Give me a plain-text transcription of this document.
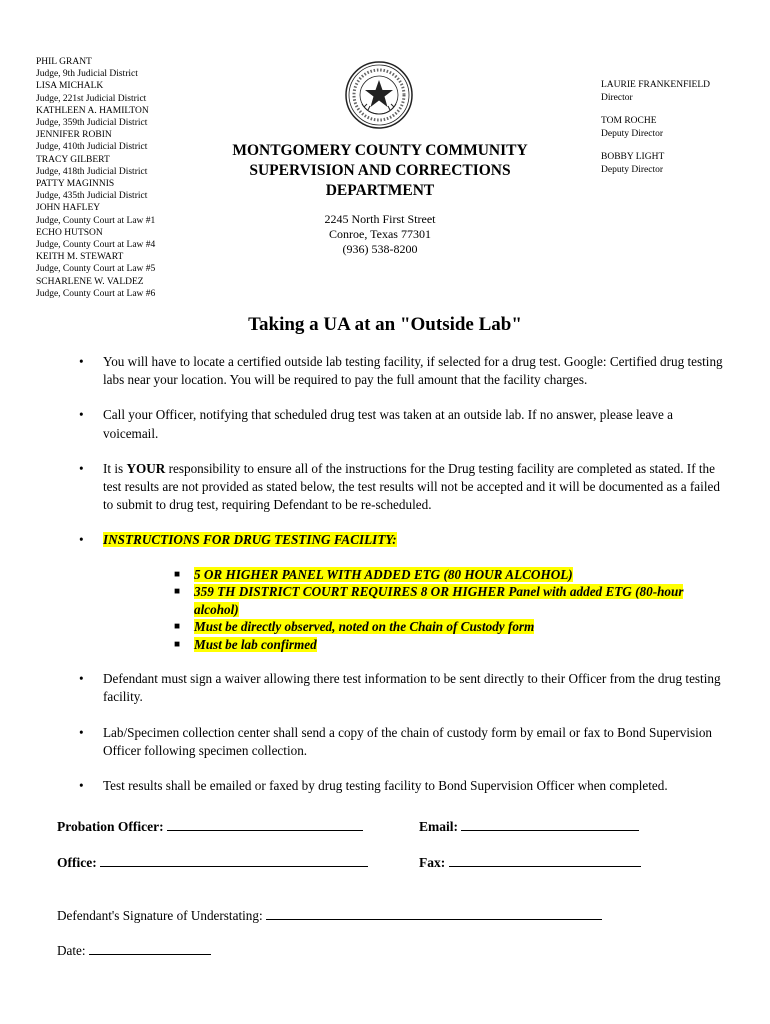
PHIL GRANT
Judge, 9th Judicial District
LISA MICHALK
Judge, 221st Judicial District
KATHLEEN A. HAMILTON
Judge, 359th Judicial District
JENNIFER ROBIN
Judge, 410th Judicial District
TRACY GILBERT
Judge, 418th Judicial District
PATTY MAGINNIS
Judge, 435th Judicial District
JOHN HAFLEY
Judge, County Court at Law #1
ECHO HUTSON
Judge, County Court at Law #4
KEITH M. STEWART
Judge, County Court at Law #5
SCHARLENE W. VALDEZ
Judge, County Court at Law #6
MONTGOMERY COUNTY COMMUNITY
SUPERVISION AND CORRECTIONS
DEPARTMENT
2245 North First Street
Conroe, Texas 77301
(936) 538-8200
LAURIE FRANKENFIELD
Director
TOM ROCHE
Deputy Director
BOBBY LIGHT
Deputy Director
Taking a UA at an "Outside Lab"
• You will have to locate a certified outside lab testing facility, if selected for a drug test. Google: Certified drug testing labs near your location. You will be required to pay the full amount that the facility charges.
• Call your Officer, notifying that scheduled drug test was taken at an outside lab. If no answer, please leave a voicemail.
• It is YOUR responsibility to ensure all of the instructions for the Drug testing facility are completed as stated. If the test results are not provided as stated below, the test results will not be accepted and it will be documented as a failed to submit to drug test, requiring Defendant to be re-scheduled.
• INSTRUCTIONS FOR DRUG TESTING FACILITY:
■ 5 OR HIGHER PANEL WITH ADDED ETG (80 HOUR ALCOHOL)
■ 359 TH DISTRICT COURT REQUIRES 8 OR HIGHER Panel with added ETG (80-hour alcohol)
■ Must be directly observed, noted on the Chain of Custody form
■ Must be lab confirmed
• Defendant must sign a waiver allowing there test information to be sent directly to their Officer from the drug testing facility.
• Lab/Specimen collection center shall send a copy of the chain of custody form by email or fax to Bond Supervision Officer following specimen collection.
• Test results shall be emailed or faxed by drug testing facility to Bond Supervision Officer when completed.
Probation Officer:	Email:
Office:	Fax:
Defendant's Signature of Understating:
Date:
